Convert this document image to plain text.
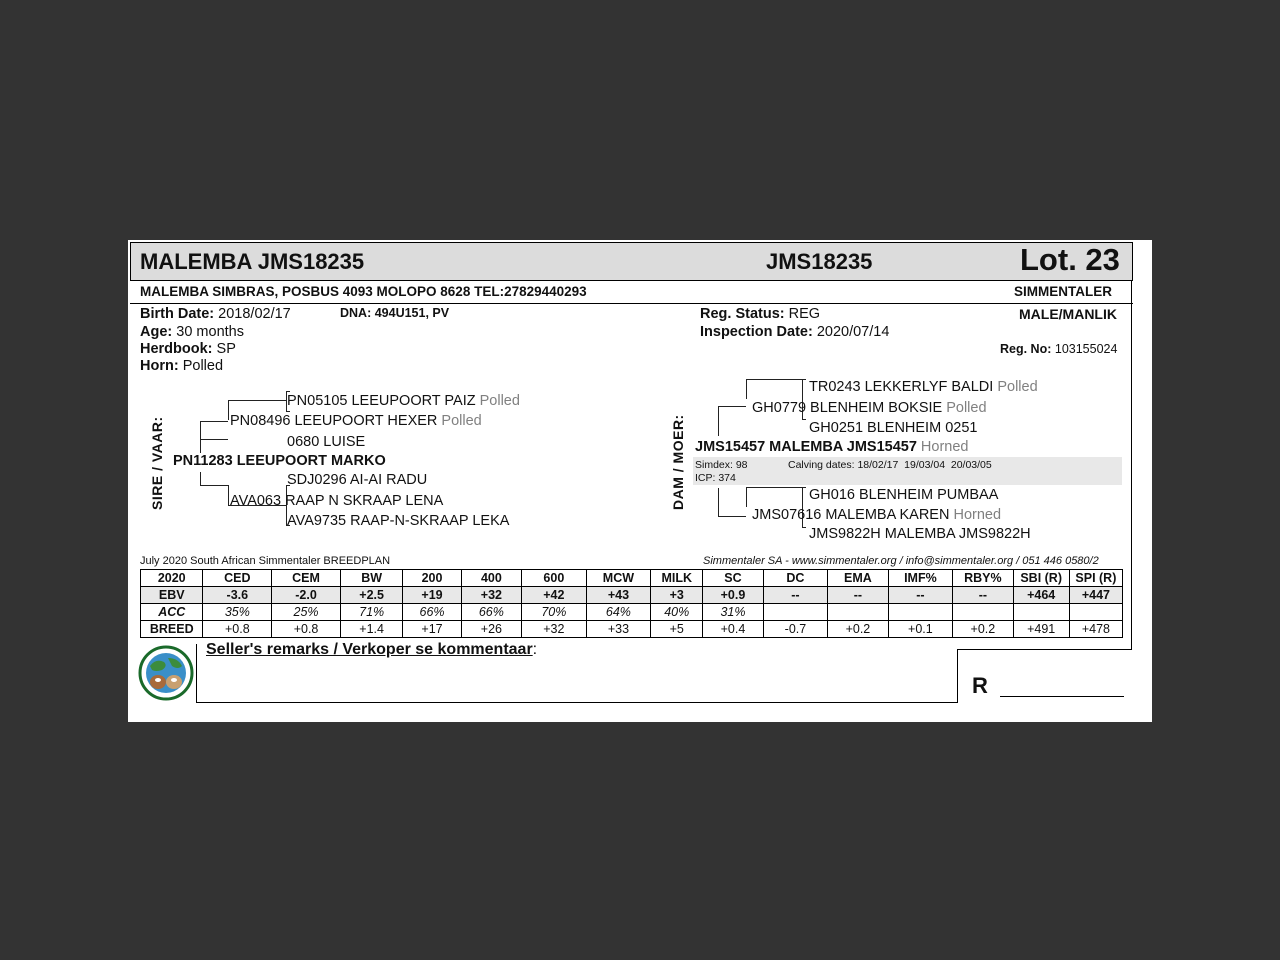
MALEMBA JMS18235	JMS18235	Lot. 23
MALEMBA SIMBRAS, POSBUS 4093 MOLOPO 8628 TEL:27829440293	SIMMENTALER
Birth Date: 2018/02/17	DNA: 494U151, PV
Age: 30 months
Herdbook: SP
Horn: Polled
Reg. Status: REG
Inspection Date: 2020/07/14
MALE/MANLIK
Reg. No: 103155024
SIRE / VAAR:
PN05105 LEEUPOORT PAIZ Polled
PN08496 LEEUPOORT HEXER Polled
0680 LUISE
PN11283 LEEUPOORT MARKO
SDJ0296 AI-AI RADU
AVA063 RAAP N SKRAAP LENA
AVA9735 RAAP-N-SKRAAP LEKA
DAM / MOER:
TR0243 LEKKERLYF BALDI Polled
GH0779 BLENHEIM BOKSIE Polled
GH0251 BLENHEIM 0251
JMS15457 MALEMBA JMS15457 Horned
Simdex: 98	Calving dates: 18/02/17  19/03/04  20/03/05
ICP: 374
GH016 BLENHEIM PUMBAA
JMS07616 MALEMBA KAREN Horned
JMS9822H MALEMBA JMS9822H
July 2020 South African Simmentaler BREEDPLAN	Simmentaler SA - www.simmentaler.org / info@simmentaler.org / 051 446 0580/2
2020	CED	CEM	BW	200	400	600	MCW	MILK	SC	DC	EMA	IMF%	RBY%	SBI (R)	SPI (R)
EBV	-3.6	-2.0	+2.5	+19	+32	+42	+43	+3	+0.9	--	--	--	--	+464	+447
ACC	35%	25%	71%	66%	66%	70%	64%	40%	31%						
BREED	+0.8	+0.8	+1.4	+17	+26	+32	+33	+5	+0.4	-0.7	+0.2	+0.1	+0.2	+491	+478
Seller's remarks / Verkoper se kommentaar:
R
